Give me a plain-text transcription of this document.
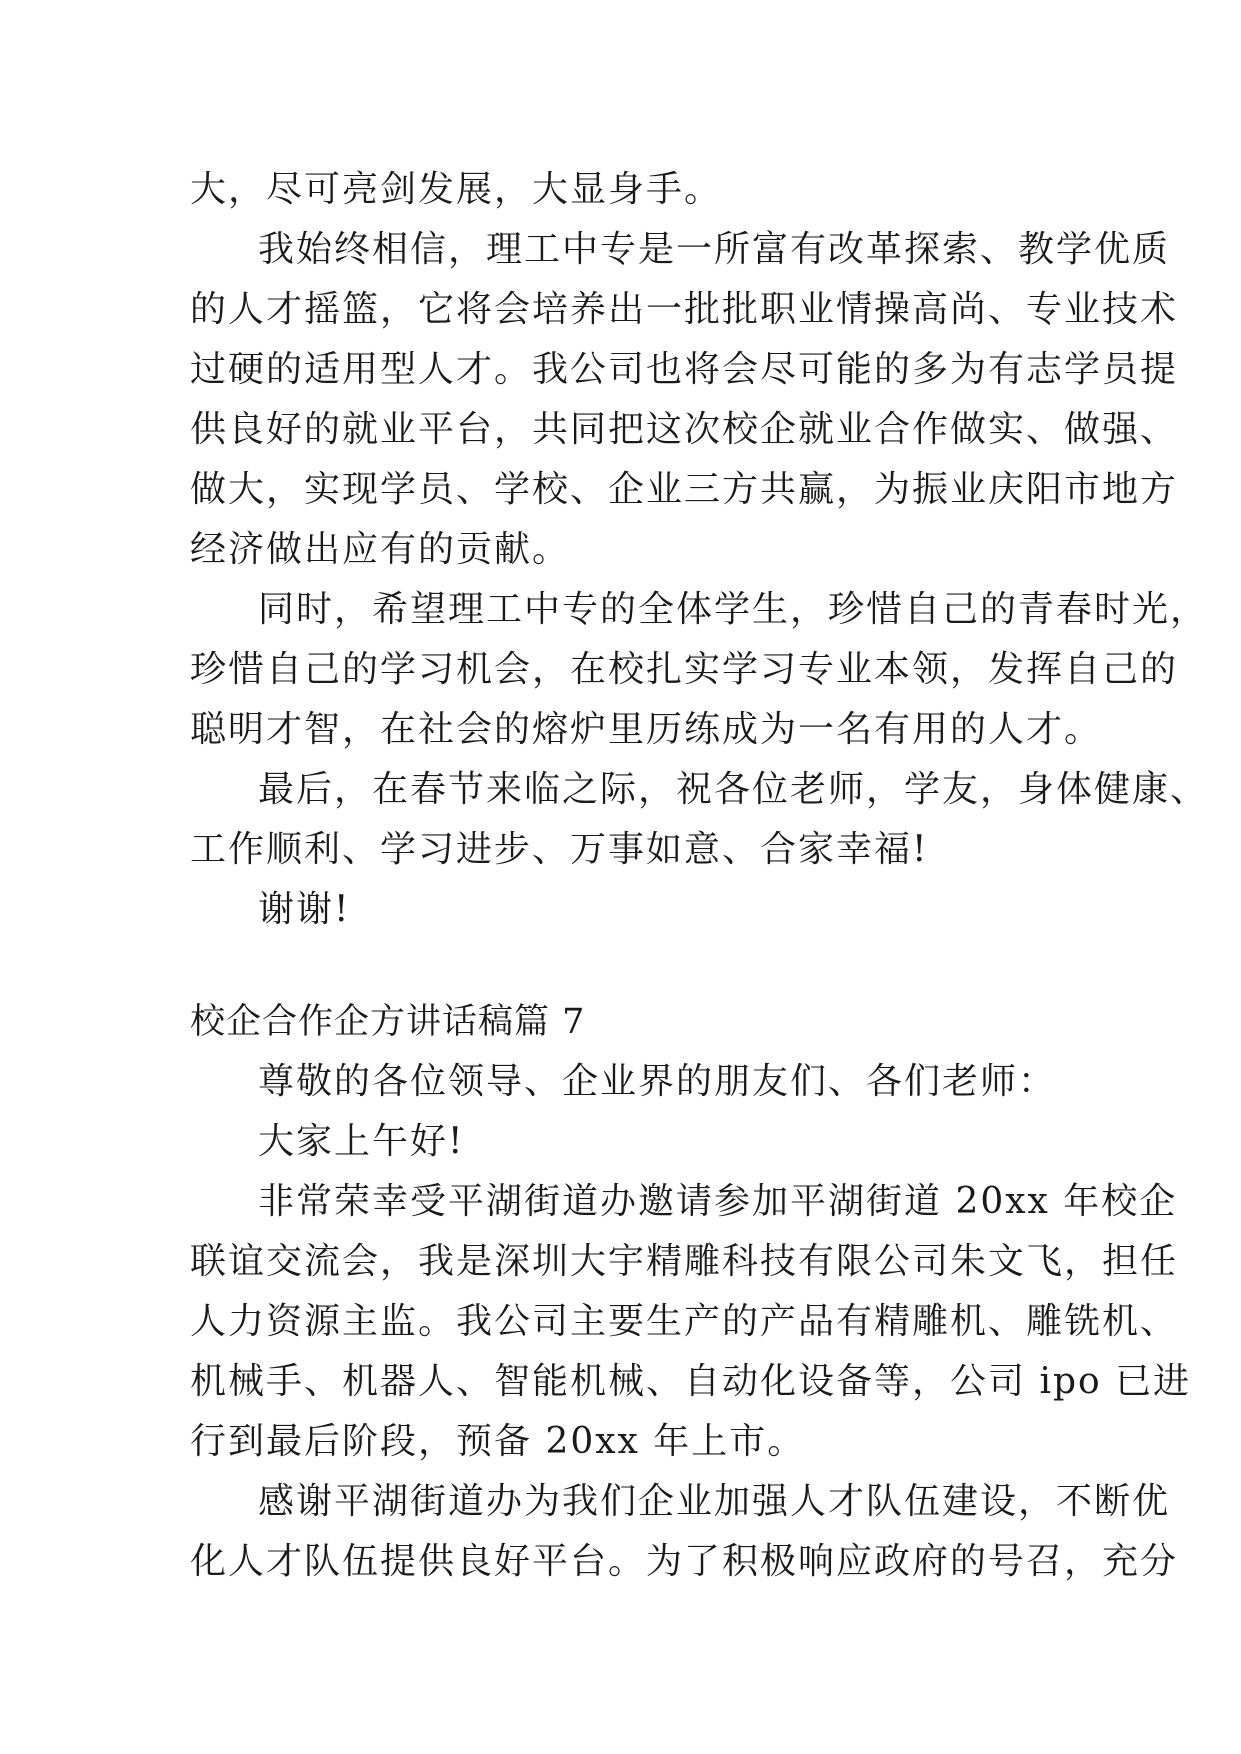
大，尽可亮剑发展，大显身手。
我始终相信，理工中专是一所富有改革探索、教学优质
的人才摇篮，它将会培养出一批批职业情操高尚、专业技术
过硬的适用型人才。我公司也将会尽可能的多为有志学员提
供良好的就业平台，共同把这次校企就业合作做实、做强、
做大，实现学员、学校、企业三方共赢，为振业庆阳市地方
经济做出应有的贡献。
同时，希望理工中专的全体学生，珍惜自己的青春时光，
珍惜自己的学习机会，在校扎实学习专业本领，发挥自己的
聪明才智，在社会的熔炉里历练成为一名有用的人才。
最后，在春节来临之际，祝各位老师，学友，身体健康、
工作顺利、学习进步、万事如意、合家幸福!
谢谢!
校企合作企方讲话稿篇 7
尊敬的各位领导、企业界的朋友们、各们老师：
大家上午好!
非常荣幸受平湖街道办邀请参加平湖街道 20xx 年校企
联谊交流会，我是深圳大宇精雕科技有限公司朱文飞，担任
人力资源主监。我公司主要生产的产品有精雕机、雕铣机、
机械手、机器人、智能机械、自动化设备等，公司 ipo 已进
行到最后阶段，预备 20xx 年上市。
感谢平湖街道办为我们企业加强人才队伍建设，不断优
化人才队伍提供良好平台。为了积极响应政府的号召，充分
